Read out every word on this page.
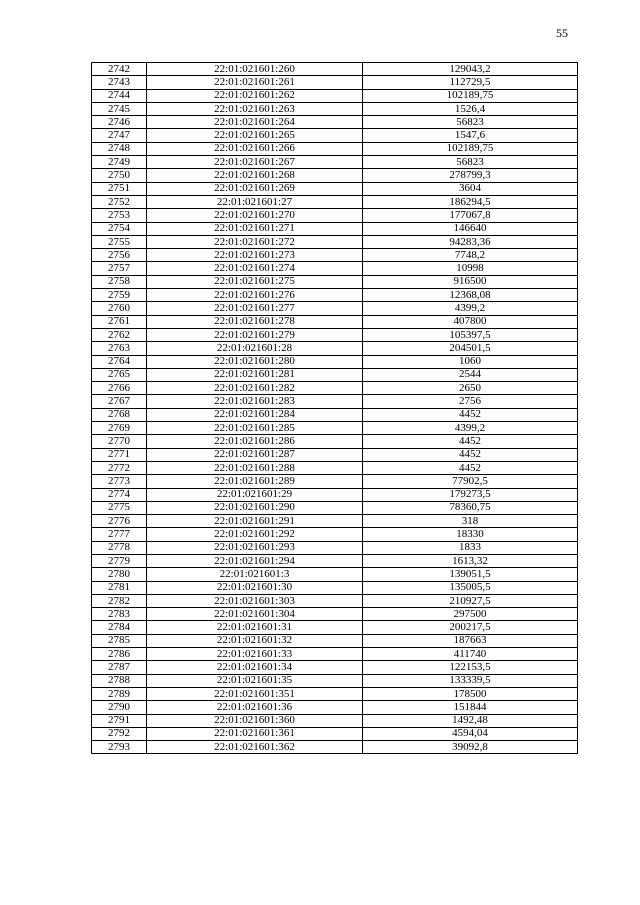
55
2742	22:01:021601:260	129043,2
2743	22:01:021601:261	112729,5
2744	22:01:021601:262	102189,75
2745	22:01:021601:263	1526,4
2746	22:01:021601:264	56823
2747	22:01:021601:265	1547,6
2748	22:01:021601:266	102189,75
2749	22:01:021601:267	56823
2750	22:01:021601:268	278799,3
2751	22:01:021601:269	3604
2752	22:01:021601:27	186294,5
2753	22:01:021601:270	177067,8
2754	22:01:021601:271	146640
2755	22:01:021601:272	94283,36
2756	22:01:021601:273	7748,2
2757	22:01:021601:274	10998
2758	22:01:021601:275	916500
2759	22:01:021601:276	12368,08
2760	22:01:021601:277	4399,2
2761	22:01:021601:278	407800
2762	22:01:021601:279	105397,5
2763	22:01:021601:28	204501,5
2764	22:01:021601:280	1060
2765	22:01:021601:281	2544
2766	22:01:021601:282	2650
2767	22:01:021601:283	2756
2768	22:01:021601:284	4452
2769	22:01:021601:285	4399,2
2770	22:01:021601:286	4452
2771	22:01:021601:287	4452
2772	22:01:021601:288	4452
2773	22:01:021601:289	77902,5
2774	22:01:021601:29	179273,5
2775	22:01:021601:290	78360,75
2776	22:01:021601:291	318
2777	22:01:021601:292	18330
2778	22:01:021601:293	1833
2779	22:01:021601:294	1613,32
2780	22:01:021601:3	139051,5
2781	22:01:021601:30	135005,5
2782	22:01:021601:303	210927,5
2783	22:01:021601:304	297500
2784	22:01:021601:31	200217,5
2785	22:01:021601:32	187663
2786	22:01:021601:33	411740
2787	22:01:021601:34	122153,5
2788	22:01:021601:35	133339,5
2789	22:01:021601:351	178500
2790	22:01:021601:36	151844
2791	22:01:021601:360	1492,48
2792	22:01:021601:361	4594,04
2793	22:01:021601:362	39092,8
